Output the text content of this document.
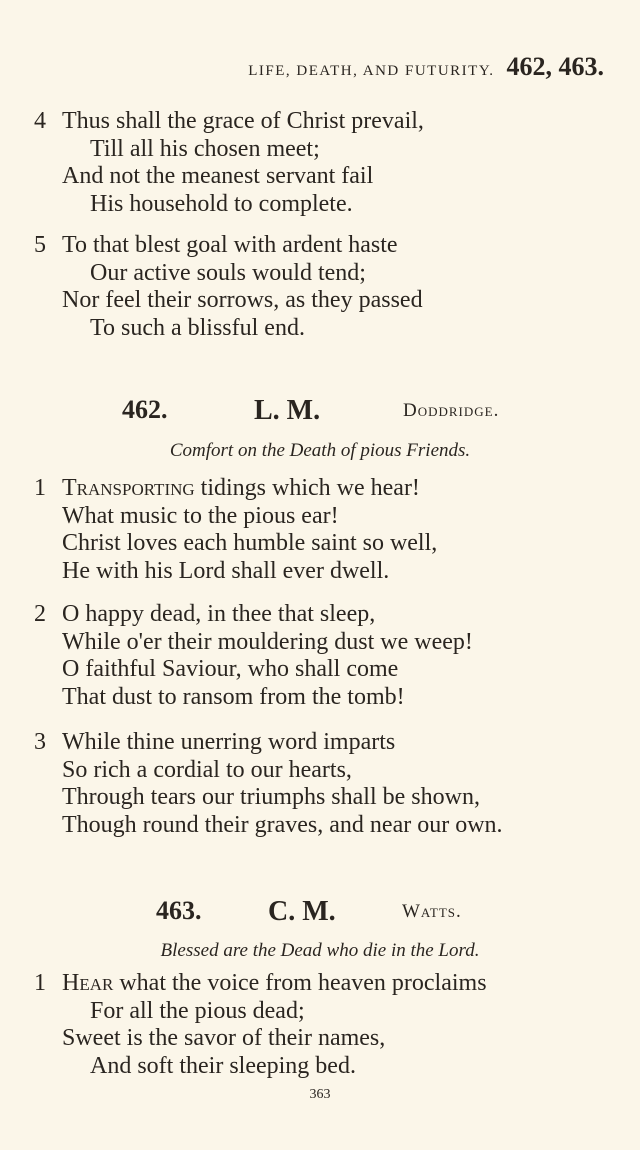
LIFE, DEATH, AND FUTURITY. 462, 463.
4 Thus shall the grace of Christ prevail,
Till all his chosen meet;
And not the meanest servant fail
His household to complete.
5 To that blest goal with ardent haste
Our active souls would tend;
Nor feel their sorrows, as they passed
To such a blissful end.
462.	L. M.	Doddridge.
Comfort on the Death of pious Friends.
1 Transporting tidings which we hear!
What music to the pious ear!
Christ loves each humble saint so well,
He with his Lord shall ever dwell.
2 O happy dead, in thee that sleep,
While o'er their mouldering dust we weep!
O faithful Saviour, who shall come
That dust to ransom from the tomb!
3 While thine unerring word imparts
So rich a cordial to our hearts,
Through tears our triumphs shall be shown,
Though round their graves, and near our own.
463. C. M.	Watts.
Blessed are the Dead who die in the Lord.
1 Hear what the voice from heaven proclaims
For all the pious dead;
Sweet is the savor of their names,
And soft their sleeping bed.
363
